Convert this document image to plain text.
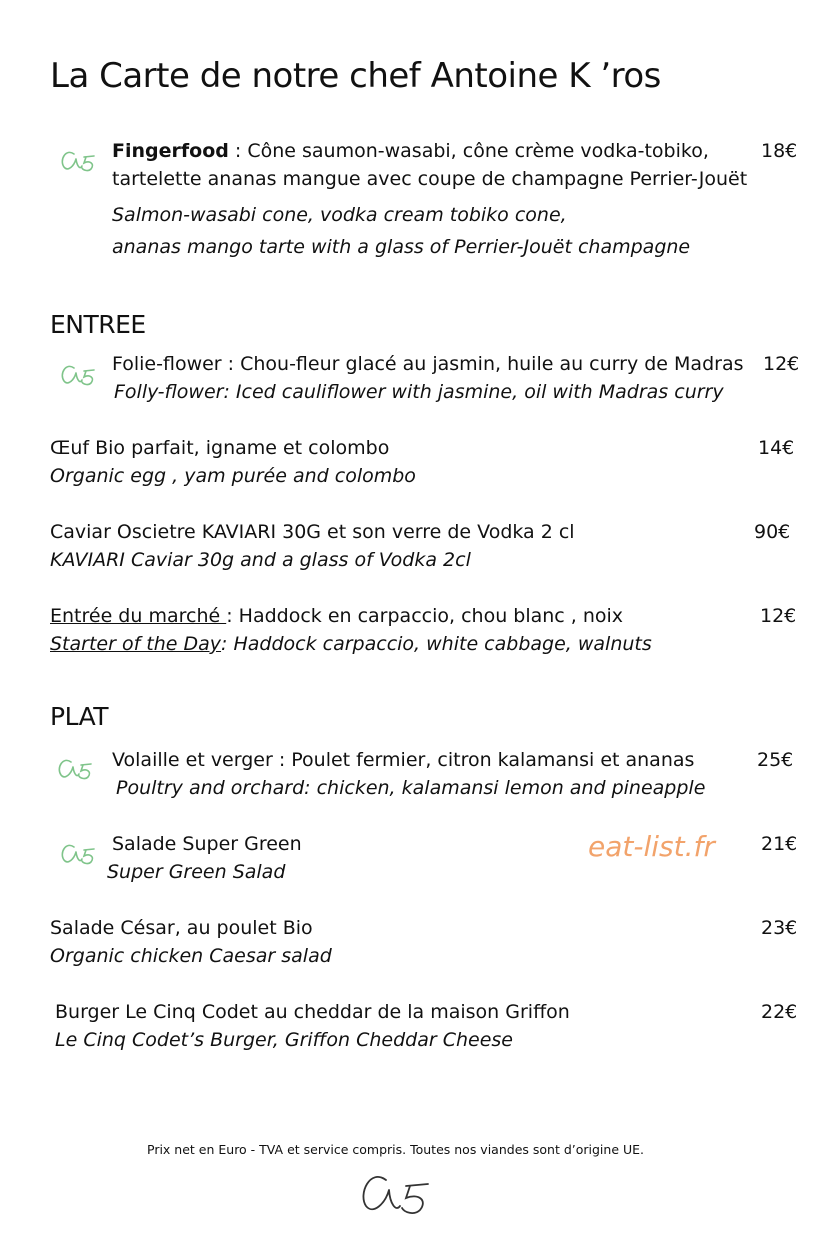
La Carte de notre chef Antoine K ’ros
Fingerfood : Cône saumon-wasabi, cône crème vodka-tobiko,
tartelette ananas mangue avec coupe de champagne Perrier-Jouët
Salmon-wasabi cone, vodka cream tobiko cone,
ananas mango tarte with a glass of Perrier-Jouët champagne
18€
ENTREE
Folie-flower : Chou-fleur glacé au jasmin, huile au curry de Madras
Folly-flower: Iced cauliflower with jasmine, oil with Madras curry
12€
Œuf Bio parfait, igname et colombo
Organic egg , yam purée and colombo
14€
Caviar Oscietre KAVIARI 30G et son verre de Vodka 2 cl
KAVIARI Caviar 30g and a glass of Vodka 2cl
90€
Entrée du marché : Haddock en carpaccio, chou blanc , noix
Starter of the Day: Haddock carpaccio, white cabbage, walnuts
12€
PLAT
Volaille et verger : Poulet fermier, citron kalamansi et ananas
Poultry and orchard: chicken, kalamansi lemon and pineapple
25€
Salade Super Green
Super Green Salad
21€
eat-list.fr
Salade César, au poulet Bio
Organic chicken Caesar salad
23€
Burger Le Cinq Codet au cheddar de la maison Griffon
Le Cinq Codet’s Burger, Griffon Cheddar Cheese
22€
Prix net en Euro - TVA et service compris. Toutes nos viandes sont d’origine UE.
